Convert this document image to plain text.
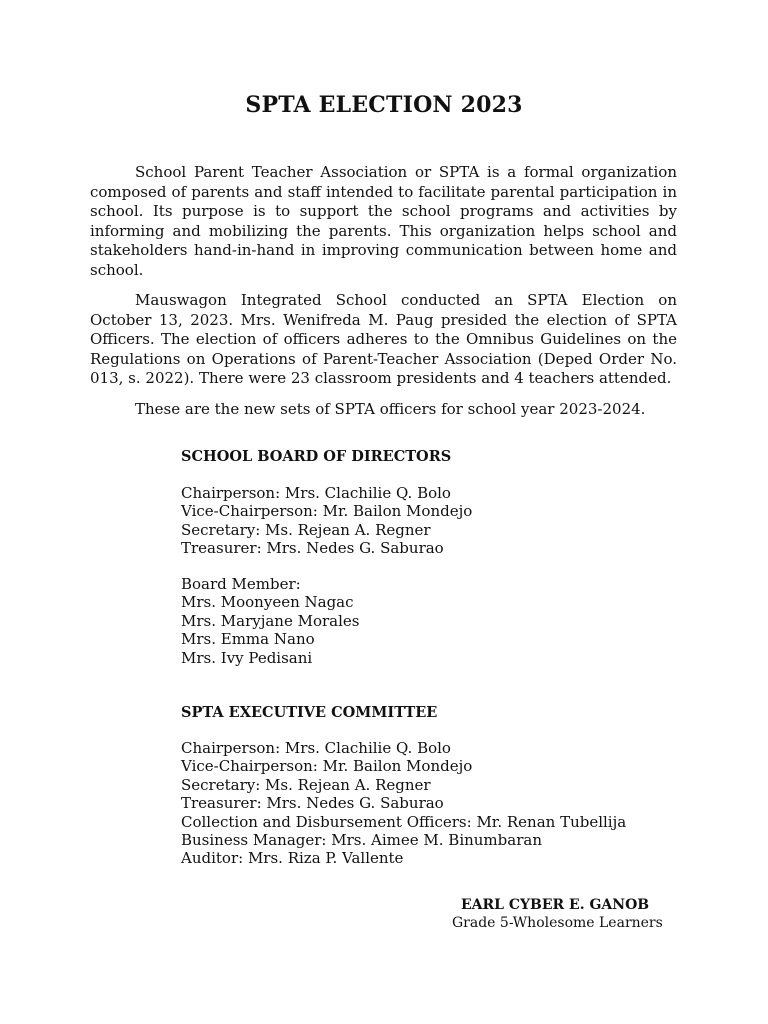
SPTA ELECTION 2023

School Parent Teacher Association or SPTA is a formal organization composed of parents and staff intended to facilitate parental participation in school. Its purpose is to support the school programs and activities by informing and mobilizing the parents. This organization helps school and stakeholders hand-in-hand in improving communication between home and school.

Mauswagon Integrated School conducted an SPTA Election on October 13, 2023. Mrs. Wenifreda M. Paug presided the election of SPTA Officers. The election of officers adheres to the Omnibus Guidelines on the Regulations on Operations of Parent-Teacher Association (Deped Order No. 013, s. 2022). There were 23 classroom presidents and 4 teachers attended.

These are the new sets of SPTA officers for school year 2023-2024.

SCHOOL BOARD OF DIRECTORS
Chairperson: Mrs. Clachilie Q. Bolo
Vice-Chairperson: Mr. Bailon Mondejo
Secretary: Ms. Rejean A. Regner
Treasurer: Mrs. Nedes G. Saburao
Board Member:
Mrs. Moonyeen Nagac
Mrs. Maryjane Morales
Mrs. Emma Nano
Mrs. Ivy Pedisani
SPTA EXECUTIVE COMMITTEE
Chairperson: Mrs. Clachilie Q. Bolo
Vice-Chairperson: Mr. Bailon Mondejo
Secretary: Ms. Rejean A. Regner
Treasurer: Mrs. Nedes G. Saburao
Collection and Disbursement Officers: Mr. Renan Tubellija
Business Manager: Mrs. Aimee M. Binumbaran
Auditor: Mrs. Riza P. Vallente
EARL CYBER E. GANOB
Grade 5-Wholesome Learners
